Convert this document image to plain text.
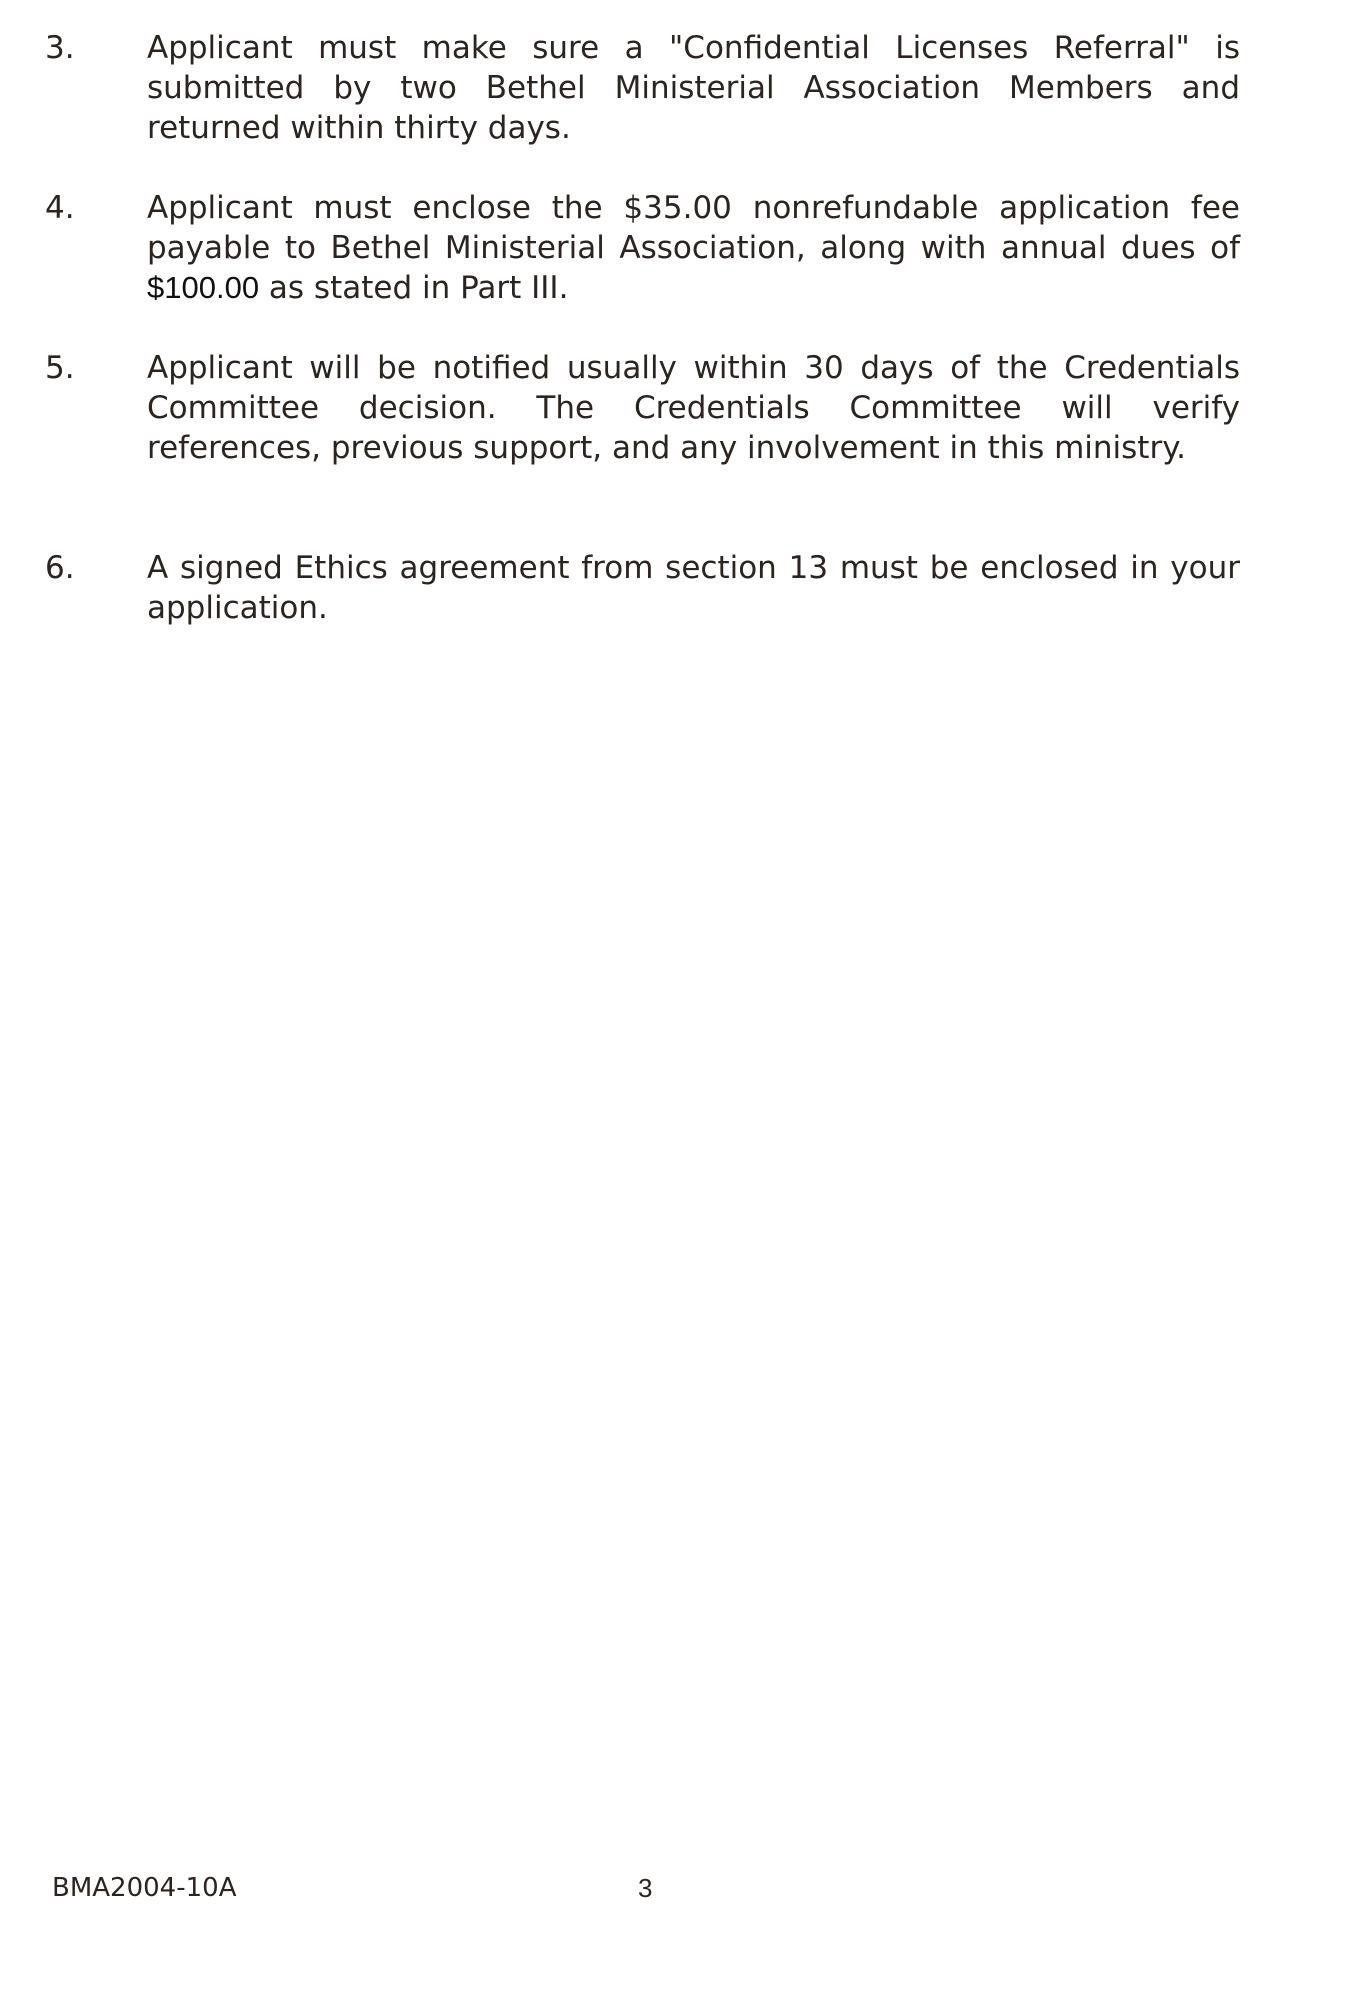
3. Applicant must make sure a "Confidential Licenses Referral" is submitted by two Bethel Ministerial Association Members and returned within thirty days.

4. Applicant must enclose the $35.00 nonrefundable application fee payable to Bethel Ministerial Association, along with annual dues of $100.00 as stated in Part III.

5. Applicant will be notified usually within 30 days of the Credentials Committee decision. The Credentials Committee will verify references, previous support, and any involvement in this ministry.

6. A signed Ethics agreement from section 13 must be enclosed in your application.

BMA2004-10A	3
